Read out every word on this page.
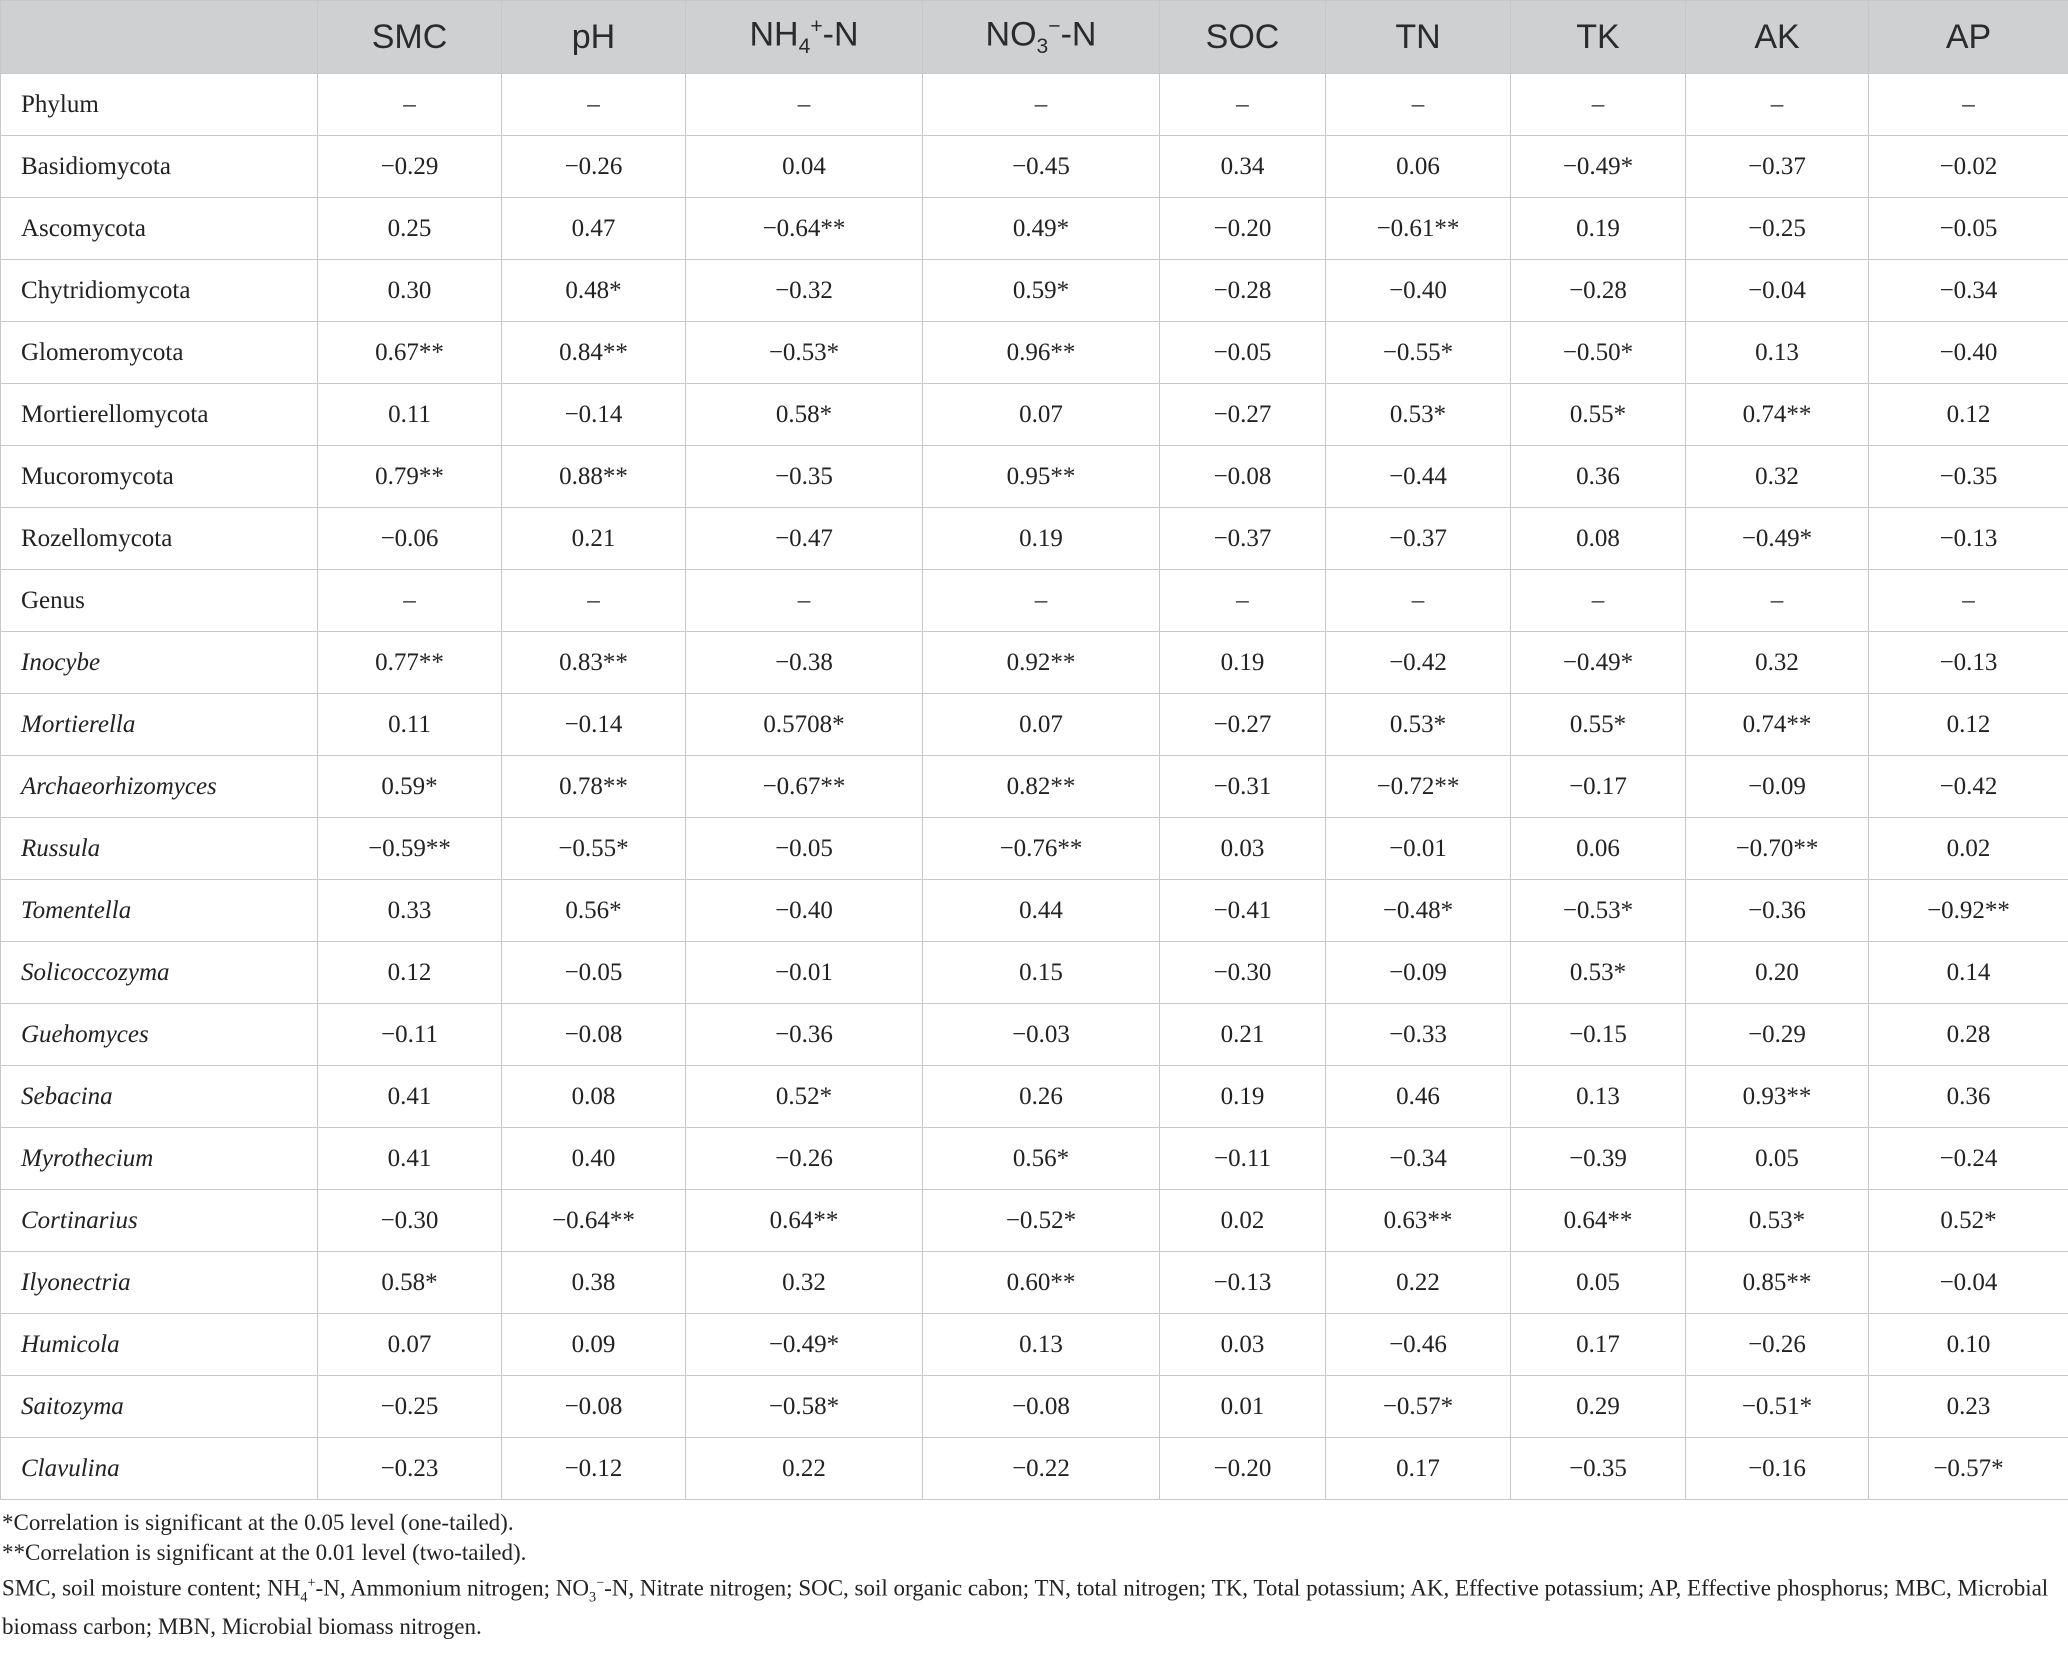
	SMC	pH	$NH_4^+-N$	$NO_3^--N$	SOC	TN	TK	AK	AP
Phylum	–	–	–	–	–	–	–	–	–
Basidiomycota	−0.29	−0.26	0.04	−0.45	0.34	0.06	−0.49*	−0.37	−0.02
Ascomycota	0.25	0.47	−0.64**	0.49*	−0.20	−0.61**	0.19	−0.25	−0.05
Chytridiomycota	0.30	0.48*	−0.32	0.59*	−0.28	−0.40	−0.28	−0.04	−0.34
Glomeromycota	0.67**	0.84**	−0.53*	0.96**	−0.05	−0.55*	−0.50*	0.13	−0.40
Mortierellomycota	0.11	−0.14	0.58*	0.07	−0.27	0.53*	0.55*	0.74**	0.12
Mucoromycota	0.79**	0.88**	−0.35	0.95**	−0.08	−0.44	0.36	0.32	−0.35
Rozellomycota	−0.06	0.21	−0.47	0.19	−0.37	−0.37	0.08	−0.49*	−0.13
Genus	–	–	–	–	–	–	–	–	–
Inocybe	0.77**	0.83**	−0.38	0.92**	0.19	−0.42	−0.49*	0.32	−0.13
Mortierella	0.11	−0.14	0.5708*	0.07	−0.27	0.53*	0.55*	0.74**	0.12
Archaeorhizomyces	0.59*	0.78**	−0.67**	0.82**	−0.31	−0.72**	−0.17	−0.09	−0.42
Russula	−0.59**	−0.55*	−0.05	−0.76**	0.03	−0.01	0.06	−0.70**	0.02
Tomentella	0.33	0.56*	−0.40	0.44	−0.41	−0.48*	−0.53*	−0.36	−0.92**
Solicoccozyma	0.12	−0.05	−0.01	0.15	−0.30	−0.09	0.53*	0.20	0.14
Guehomyces	−0.11	−0.08	−0.36	−0.03	0.21	−0.33	−0.15	−0.29	0.28
Sebacina	0.41	0.08	0.52*	0.26	0.19	0.46	0.13	0.93**	0.36
Myrothecium	0.41	0.40	−0.26	0.56*	−0.11	−0.34	−0.39	0.05	−0.24
Cortinarius	−0.30	−0.64**	0.64**	−0.52*	0.02	0.63**	0.64**	0.53*	0.52*
Ilyonectria	0.58*	0.38	0.32	0.60**	−0.13	0.22	0.05	0.85**	−0.04
Humicola	0.07	0.09	−0.49*	0.13	0.03	−0.46	0.17	−0.26	0.10
Saitozyma	−0.25	−0.08	−0.58*	−0.08	0.01	−0.57*	0.29	−0.51*	0.23
Clavulina	−0.23	−0.12	0.22	−0.22	−0.20	0.17	−0.35	−0.16	−0.57*

*Correlation is significant at the 0.05 level (one-tailed).

**Correlation is significant at the 0.01 level (two-tailed).

SMC, soil moisture content; $NH_4^+-N$, Ammonium nitrogen; $NO_3^--N$, Nitrate nitrogen; SOC, soil organic cabon; TN, total nitrogen; TK, Total potassium; AK, Effective potassium; AP, Effective phosphorus; MBC, Microbial biomass carbon; MBN, Microbial biomass nitrogen.
